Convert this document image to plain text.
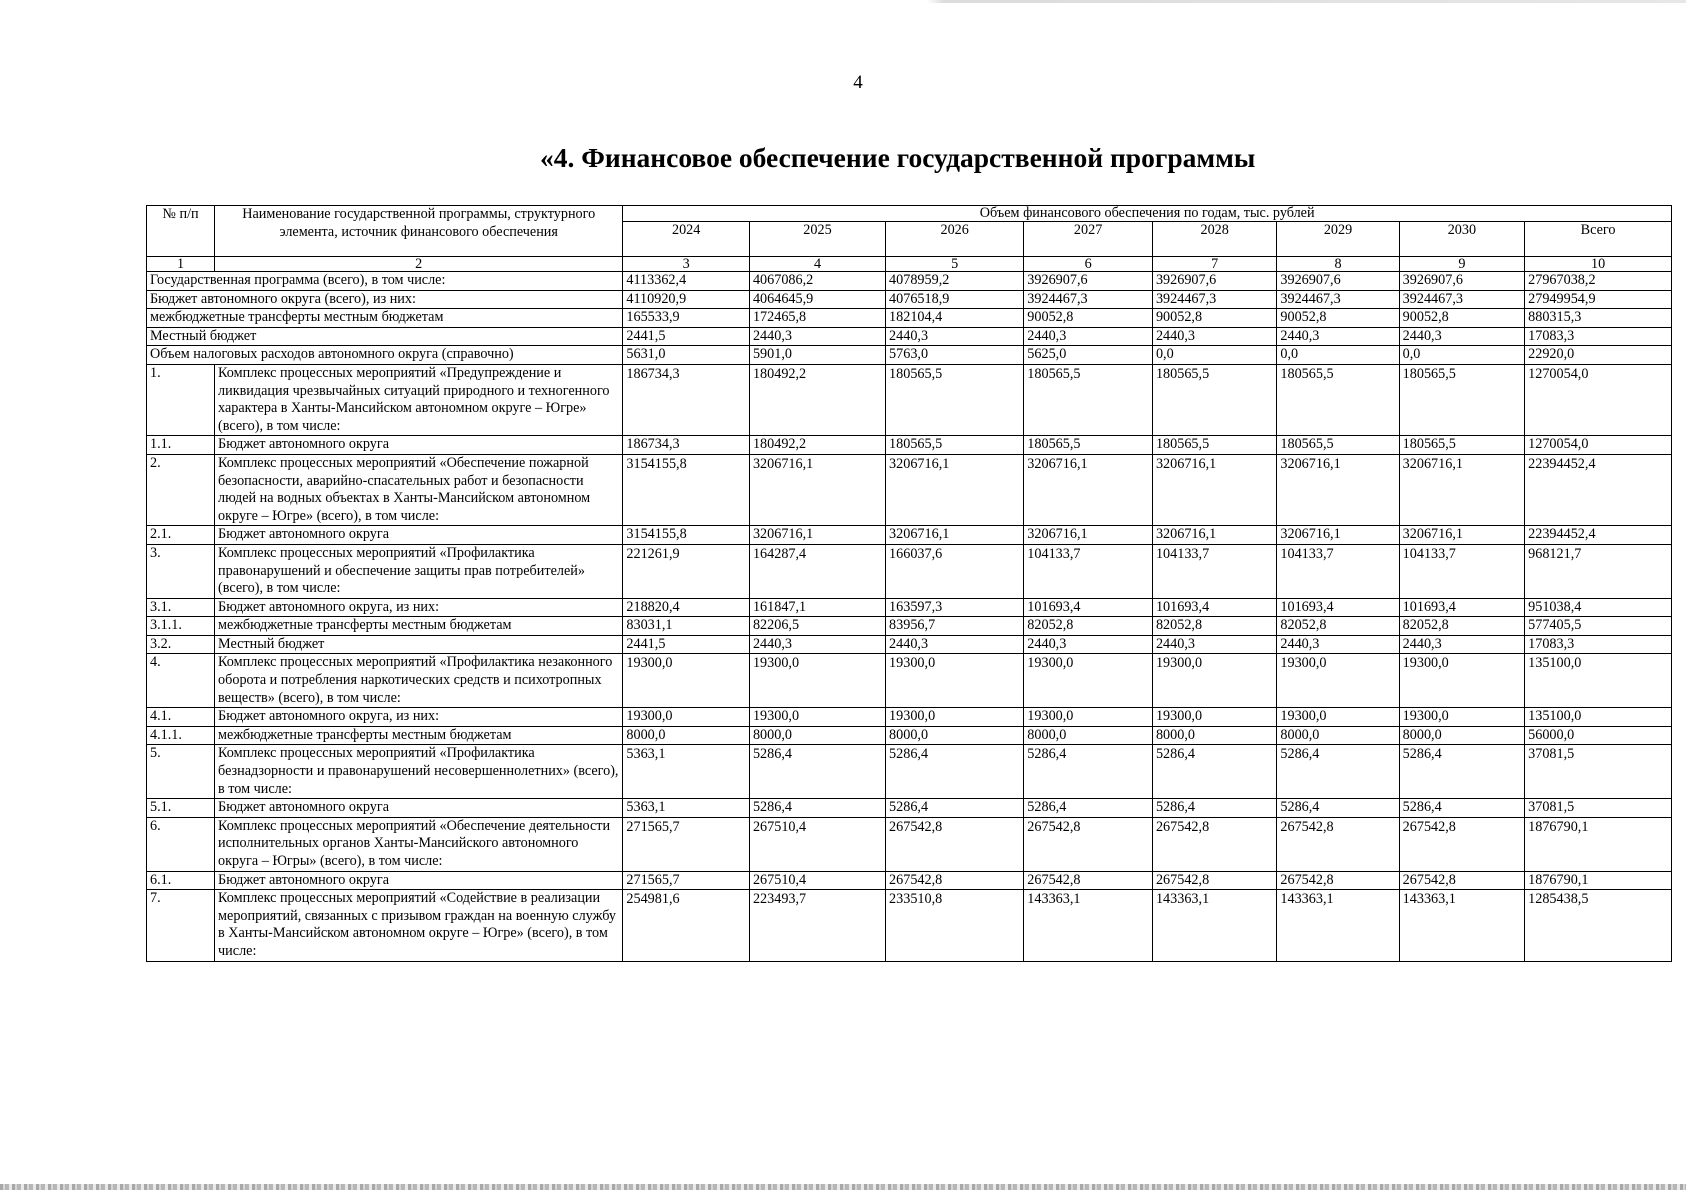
4
«4. Финансовое обеспечение государственной программы
№ п/п	Наименование государственной программы, структурного элемента, источник финансового обеспечения	Объем финансового обеспечения по годам, тыс. рублей							
		2024	2025	2026	2027	2028	2029	2030	Всего
1	2	3	4	5	6	7	8	9	10
Государственная программа (всего), в том числе:		4113362,4	4067086,2	4078959,2	3926907,6	3926907,6	3926907,6	3926907,6	27967038,2
Бюджет автономного округа (всего), из них:		4110920,9	4064645,9	4076518,9	3924467,3	3924467,3	3924467,3	3924467,3	27949954,9
межбюджетные трансферты местным бюджетам		165533,9	172465,8	182104,4	90052,8	90052,8	90052,8	90052,8	880315,3
Местный бюджет		2441,5	2440,3	2440,3	2440,3	2440,3	2440,3	2440,3	17083,3
Объем налоговых расходов автономного округа (справочно)		5631,0	5901,0	5763,0	5625,0	0,0	0,0	0,0	22920,0
1.	Комплекс процессных мероприятий «Предупреждение и ликвидация чрезвычайных ситуаций природного и техногенного характера в Ханты-Мансийском автономном округе – Югре» (всего), в том числе:	186734,3	180492,2	180565,5	180565,5	180565,5	180565,5	180565,5	1270054,0
1.1.	Бюджет автономного округа	186734,3	180492,2	180565,5	180565,5	180565,5	180565,5	180565,5	1270054,0
2.	Комплекс процессных мероприятий «Обеспечение пожарной безопасности, аварийно-спасательных работ и безопасности людей на водных объектах в Ханты-Мансийском автономном округе – Югре» (всего), в том числе:	3154155,8	3206716,1	3206716,1	3206716,1	3206716,1	3206716,1	3206716,1	22394452,4
2.1.	Бюджет автономного округа	3154155,8	3206716,1	3206716,1	3206716,1	3206716,1	3206716,1	3206716,1	22394452,4
3.	Комплекс процессных мероприятий «Профилактика правонарушений и обеспечение защиты прав потребителей» (всего), в том числе:	221261,9	164287,4	166037,6	104133,7	104133,7	104133,7	104133,7	968121,7
3.1.	Бюджет автономного округа, из них:	218820,4	161847,1	163597,3	101693,4	101693,4	101693,4	101693,4	951038,4
3.1.1.	межбюджетные трансферты местным бюджетам	83031,1	82206,5	83956,7	82052,8	82052,8	82052,8	82052,8	577405,5
3.2.	Местный бюджет	2441,5	2440,3	2440,3	2440,3	2440,3	2440,3	2440,3	17083,3
4.	Комплекс процессных мероприятий «Профилактика незаконного оборота и потребления наркотических средств и психотропных веществ» (всего), в том числе:	19300,0	19300,0	19300,0	19300,0	19300,0	19300,0	19300,0	135100,0
4.1.	Бюджет автономного округа, из них:	19300,0	19300,0	19300,0	19300,0	19300,0	19300,0	19300,0	135100,0
4.1.1.	межбюджетные трансферты местным бюджетам	8000,0	8000,0	8000,0	8000,0	8000,0	8000,0	8000,0	56000,0
5.	Комплекс процессных мероприятий «Профилактика безнадзорности и правонарушений несовершеннолетних» (всего), в том числе:	5363,1	5286,4	5286,4	5286,4	5286,4	5286,4	5286,4	37081,5
5.1.	Бюджет автономного округа	5363,1	5286,4	5286,4	5286,4	5286,4	5286,4	5286,4	37081,5
6.	Комплекс процессных мероприятий «Обеспечение деятельности исполнительных органов Ханты-Мансийского автономного округа – Югры» (всего), в том числе:	271565,7	267510,4	267542,8	267542,8	267542,8	267542,8	267542,8	1876790,1
6.1.	Бюджет автономного округа	271565,7	267510,4	267542,8	267542,8	267542,8	267542,8	267542,8	1876790,1
7.	Комплекс процессных мероприятий «Содействие в реализации мероприятий, связанных с призывом граждан на военную службу в Ханты-Мансийском автономном округе – Югре» (всего), в том числе:	254981,6	223493,7	233510,8	143363,1	143363,1	143363,1	143363,1	1285438,5
